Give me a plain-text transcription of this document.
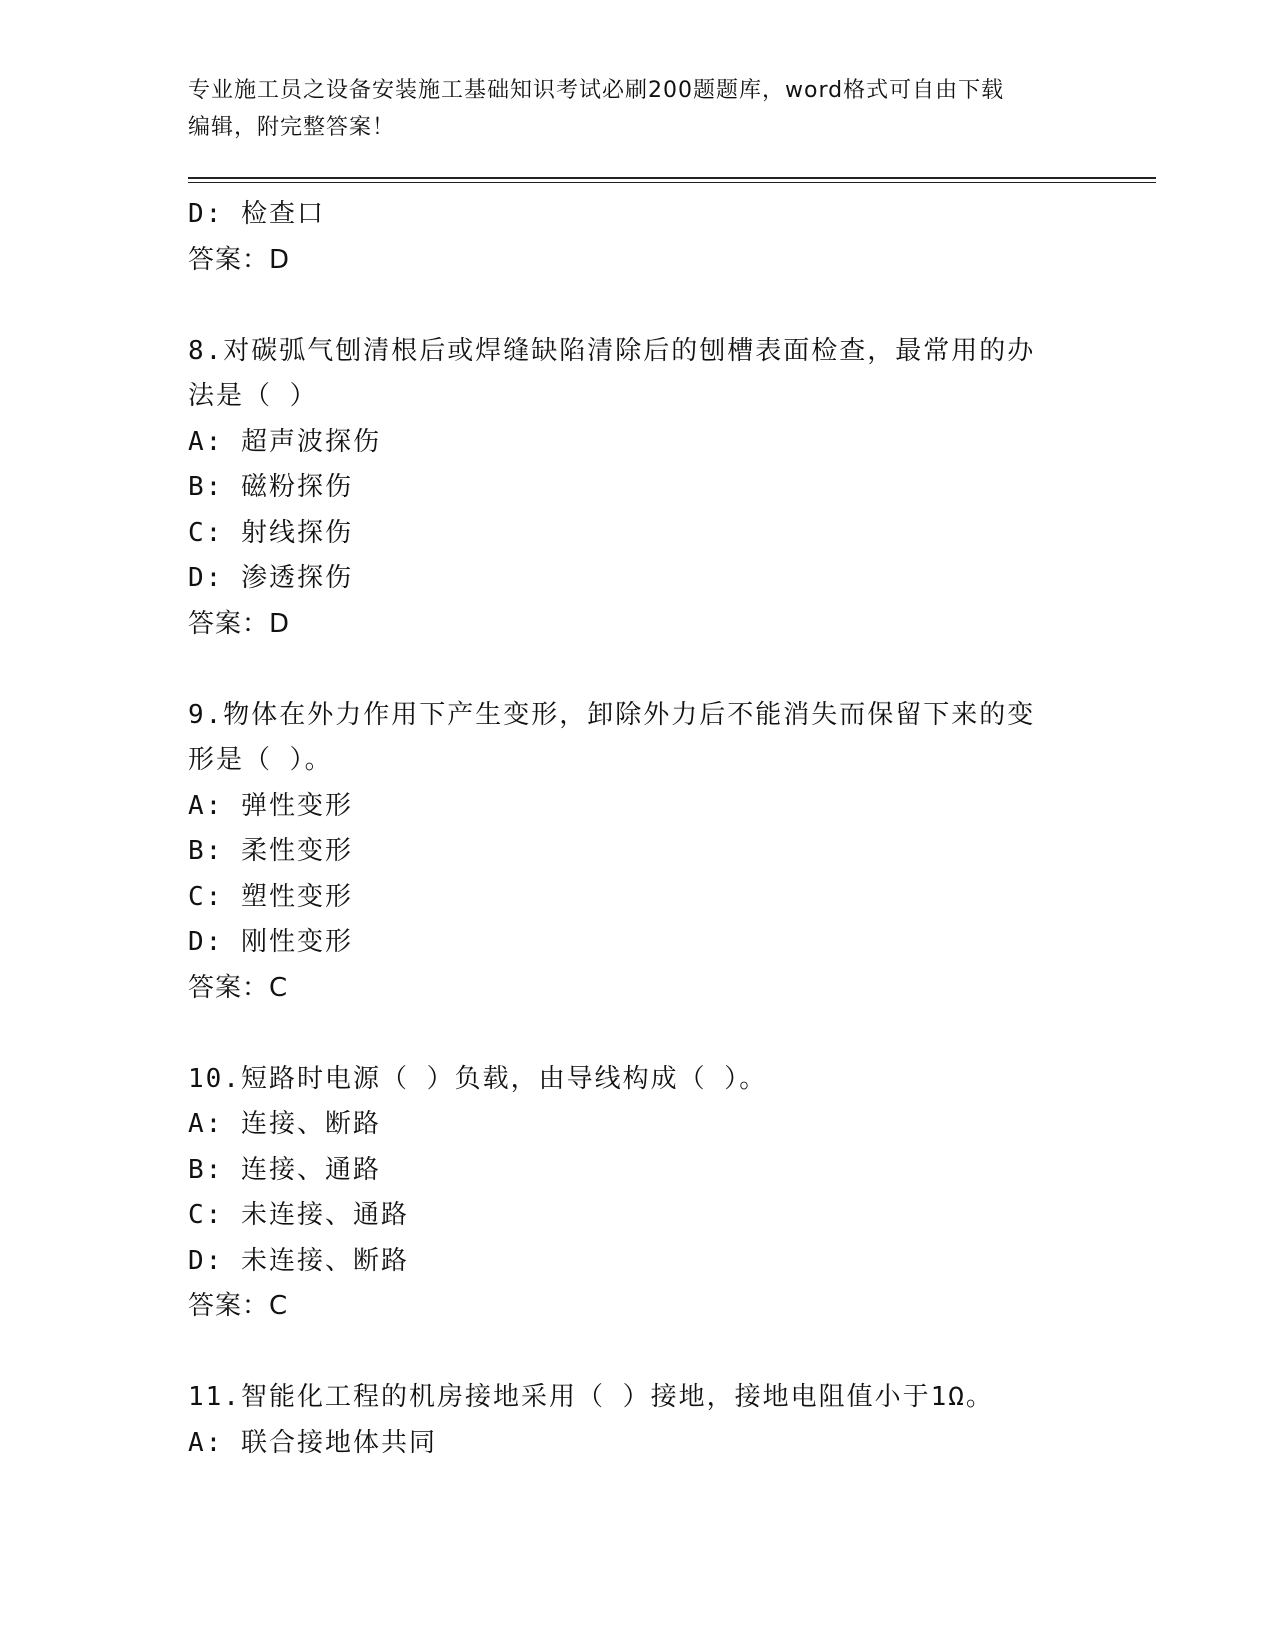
专业施工员之设备安装施工基础知识考试必刷200题题库，word格式可自由下载
编辑，附完整答案！
D: 检查口
答案：D
8.对碳弧气刨清根后或焊缝缺陷清除后的刨槽表面检查，最常用的办
法是（ ）
A: 超声波探伤
B: 磁粉探伤
C: 射线探伤
D: 渗透探伤
答案：D
9.物体在外力作用下产生变形，卸除外力后不能消失而保留下来的变
形是（ ）。
A: 弹性变形
B: 柔性变形
C: 塑性变形
D: 刚性变形
答案：C
10.短路时电源（ ）负载，由导线构成（ ）。
A: 连接、断路
B: 连接、通路
C: 未连接、通路
D: 未连接、断路
答案：C
11.智能化工程的机房接地采用（ ）接地，接地电阻值小于1Ω。
A: 联合接地体共同
